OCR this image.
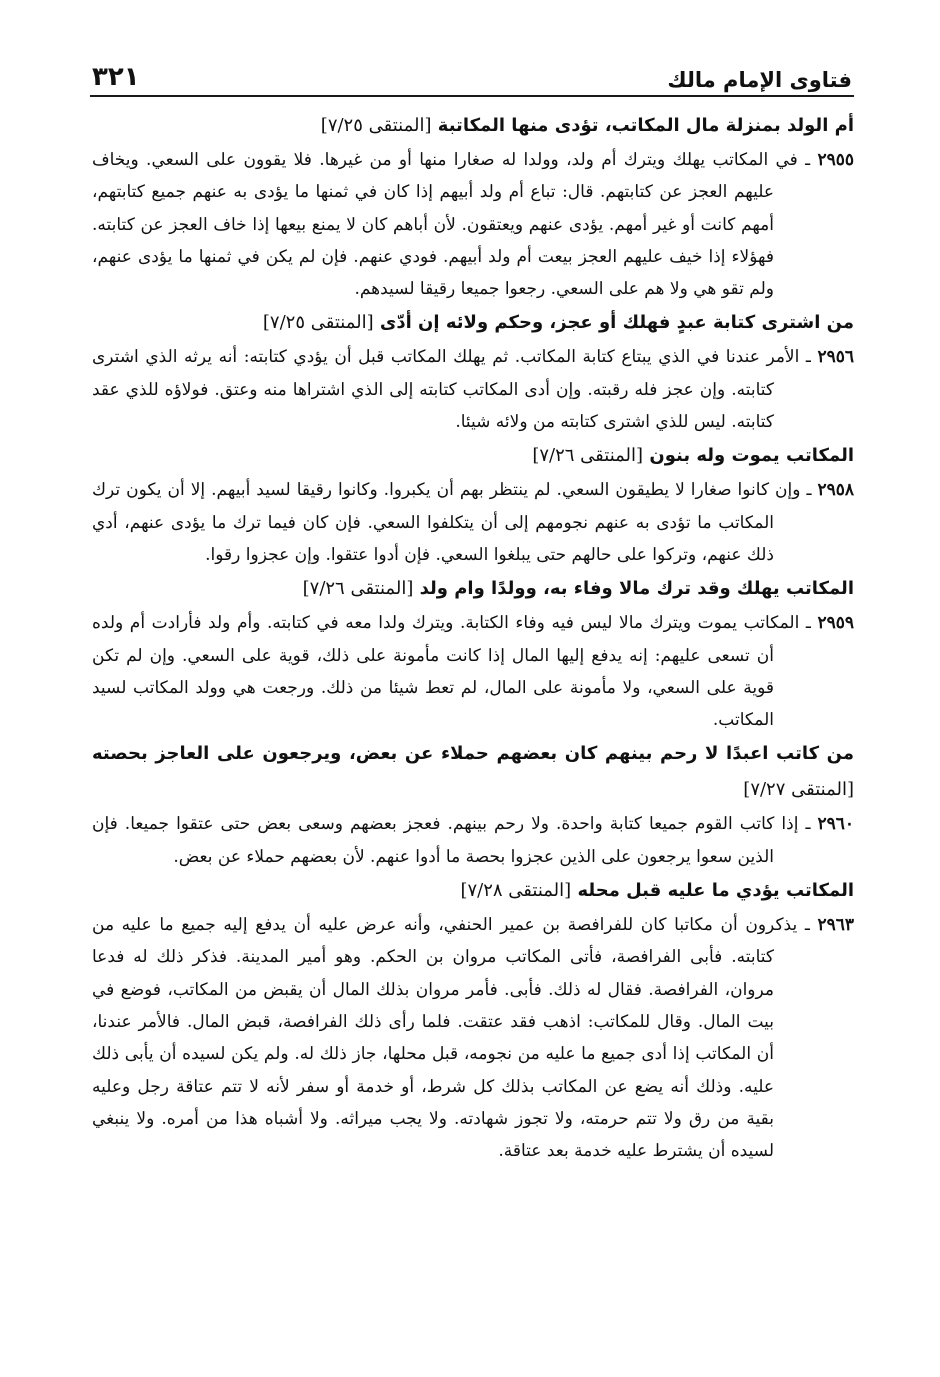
فتاوى الإمام مالك
٣٢١
أم الولد بمنزلة مال المكاتب، تؤدى منها المكاتبة [المنتقى ٧/٢٥]
٢٩٥٥ ـ في المكاتب يهلك ويترك أم ولد، وولدا له صغارا منها أو من غيرها. فلا يقوون على السعي. ويخاف عليهم العجز عن كتابتهم. قال: تباع أم ولد أبيهم إذا كان في ثمنها ما يؤدى به عنهم جميع كتابتهم، أمهم كانت أو غير أمهم. يؤدى عنهم ويعتقون. لأن أباهم كان لا يمنع بيعها إذا خاف العجز عن كتابته. فهؤلاء إذا خيف عليهم العجز بيعت أم ولد أبيهم. فودي عنهم. فإن لم يكن في ثمنها ما يؤدى عنهم، ولم تقو هي ولا هم على السعي. رجعوا جميعا رقيقا لسيدهم.
من اشترى كتابة عبدٍ فهلك أو عجز، وحكم ولائه إن أدّى [المنتقى ٧/٢٥]
٢٩٥٦ ـ الأمر عندنا في الذي يبتاع كتابة المكاتب. ثم يهلك المكاتب قبل أن يؤدي كتابته: أنه يرثه الذي اشترى كتابته. وإن عجز فله رقبته. وإن أدى المكاتب كتابته إلى الذي اشتراها منه وعتق. فولاؤه للذي عقد كتابته. ليس للذي اشترى كتابته من ولائه شيئا.
المكاتب يموت وله بنون [المنتقى ٧/٢٦]
٢٩٥٨ ـ وإن كانوا صغارا لا يطيقون السعي. لم ينتظر بهم أن يكبروا. وكانوا رقيقا لسيد أبيهم. إلا أن يكون ترك المكاتب ما تؤدى به عنهم نجومهم إلى أن يتكلفوا السعي. فإن كان فيما ترك ما يؤدى عنهم، أدي ذلك عنهم، وتركوا على حالهم حتى يبلغوا السعي. فإن أدوا عتقوا. وإن عجزوا رقوا.
المكاتب يهلك وقد ترك مالا وفاء به، وولدًا وام ولد [المنتقى ٧/٢٦]
٢٩٥٩ ـ المكاتب يموت ويترك مالا ليس فيه وفاء الكتابة. ويترك ولدا معه في كتابته. وأم ولد فأرادت أم ولده أن تسعى عليهم: إنه يدفع إليها المال إذا كانت مأمونة على ذلك، قوية على السعي. وإن لم تكن قوية على السعي، ولا مأمونة على المال، لم تعط شيئا من ذلك. ورجعت هي وولد المكاتب لسيد المكاتب.
من كاتب اعبدًا لا رحم بينهم كان بعضهم حملاء عن بعض، ويرجعون على العاجز بحصته [المنتقى ٧/٢٧]
٢٩٦٠ ـ إذا كاتب القوم جميعا كتابة واحدة. ولا رحم بينهم. فعجز بعضهم وسعى بعض حتى عتقوا جميعا. فإن الذين سعوا يرجعون على الذين عجزوا بحصة ما أدوا عنهم. لأن بعضهم حملاء عن بعض.
المكاتب يؤدي ما عليه قبل محله [المنتقى ٧/٢٨]
٢٩٦٣ ـ يذكرون أن مكاتبا كان للفرافصة بن عمير الحنفي، وأنه عرض عليه أن يدفع إليه جميع ما عليه من كتابته. فأبى الفرافصة، فأتى المكاتب مروان بن الحكم. وهو أمير المدينة. فذكر ذلك له فدعا مروان، الفرافصة. فقال له ذلك. فأبى. فأمر مروان بذلك المال أن يقبض من المكاتب، فوضع في بيت المال. وقال للمكاتب: اذهب فقد عتقت. فلما رأى ذلك الفرافصة، قبض المال. فالأمر عندنا، أن المكاتب إذا أدى جميع ما عليه من نجومه، قبل محلها، جاز ذلك له. ولم يكن لسيده أن يأبى ذلك عليه. وذلك أنه يضع عن المكاتب بذلك كل شرط، أو خدمة أو سفر لأنه لا تتم عتاقة رجل وعليه بقية من رق ولا تتم حرمته، ولا تجوز شهادته. ولا يجب ميراثه. ولا أشباه هذا من أمره. ولا ينبغي لسيده أن يشترط عليه خدمة بعد عتاقة.
